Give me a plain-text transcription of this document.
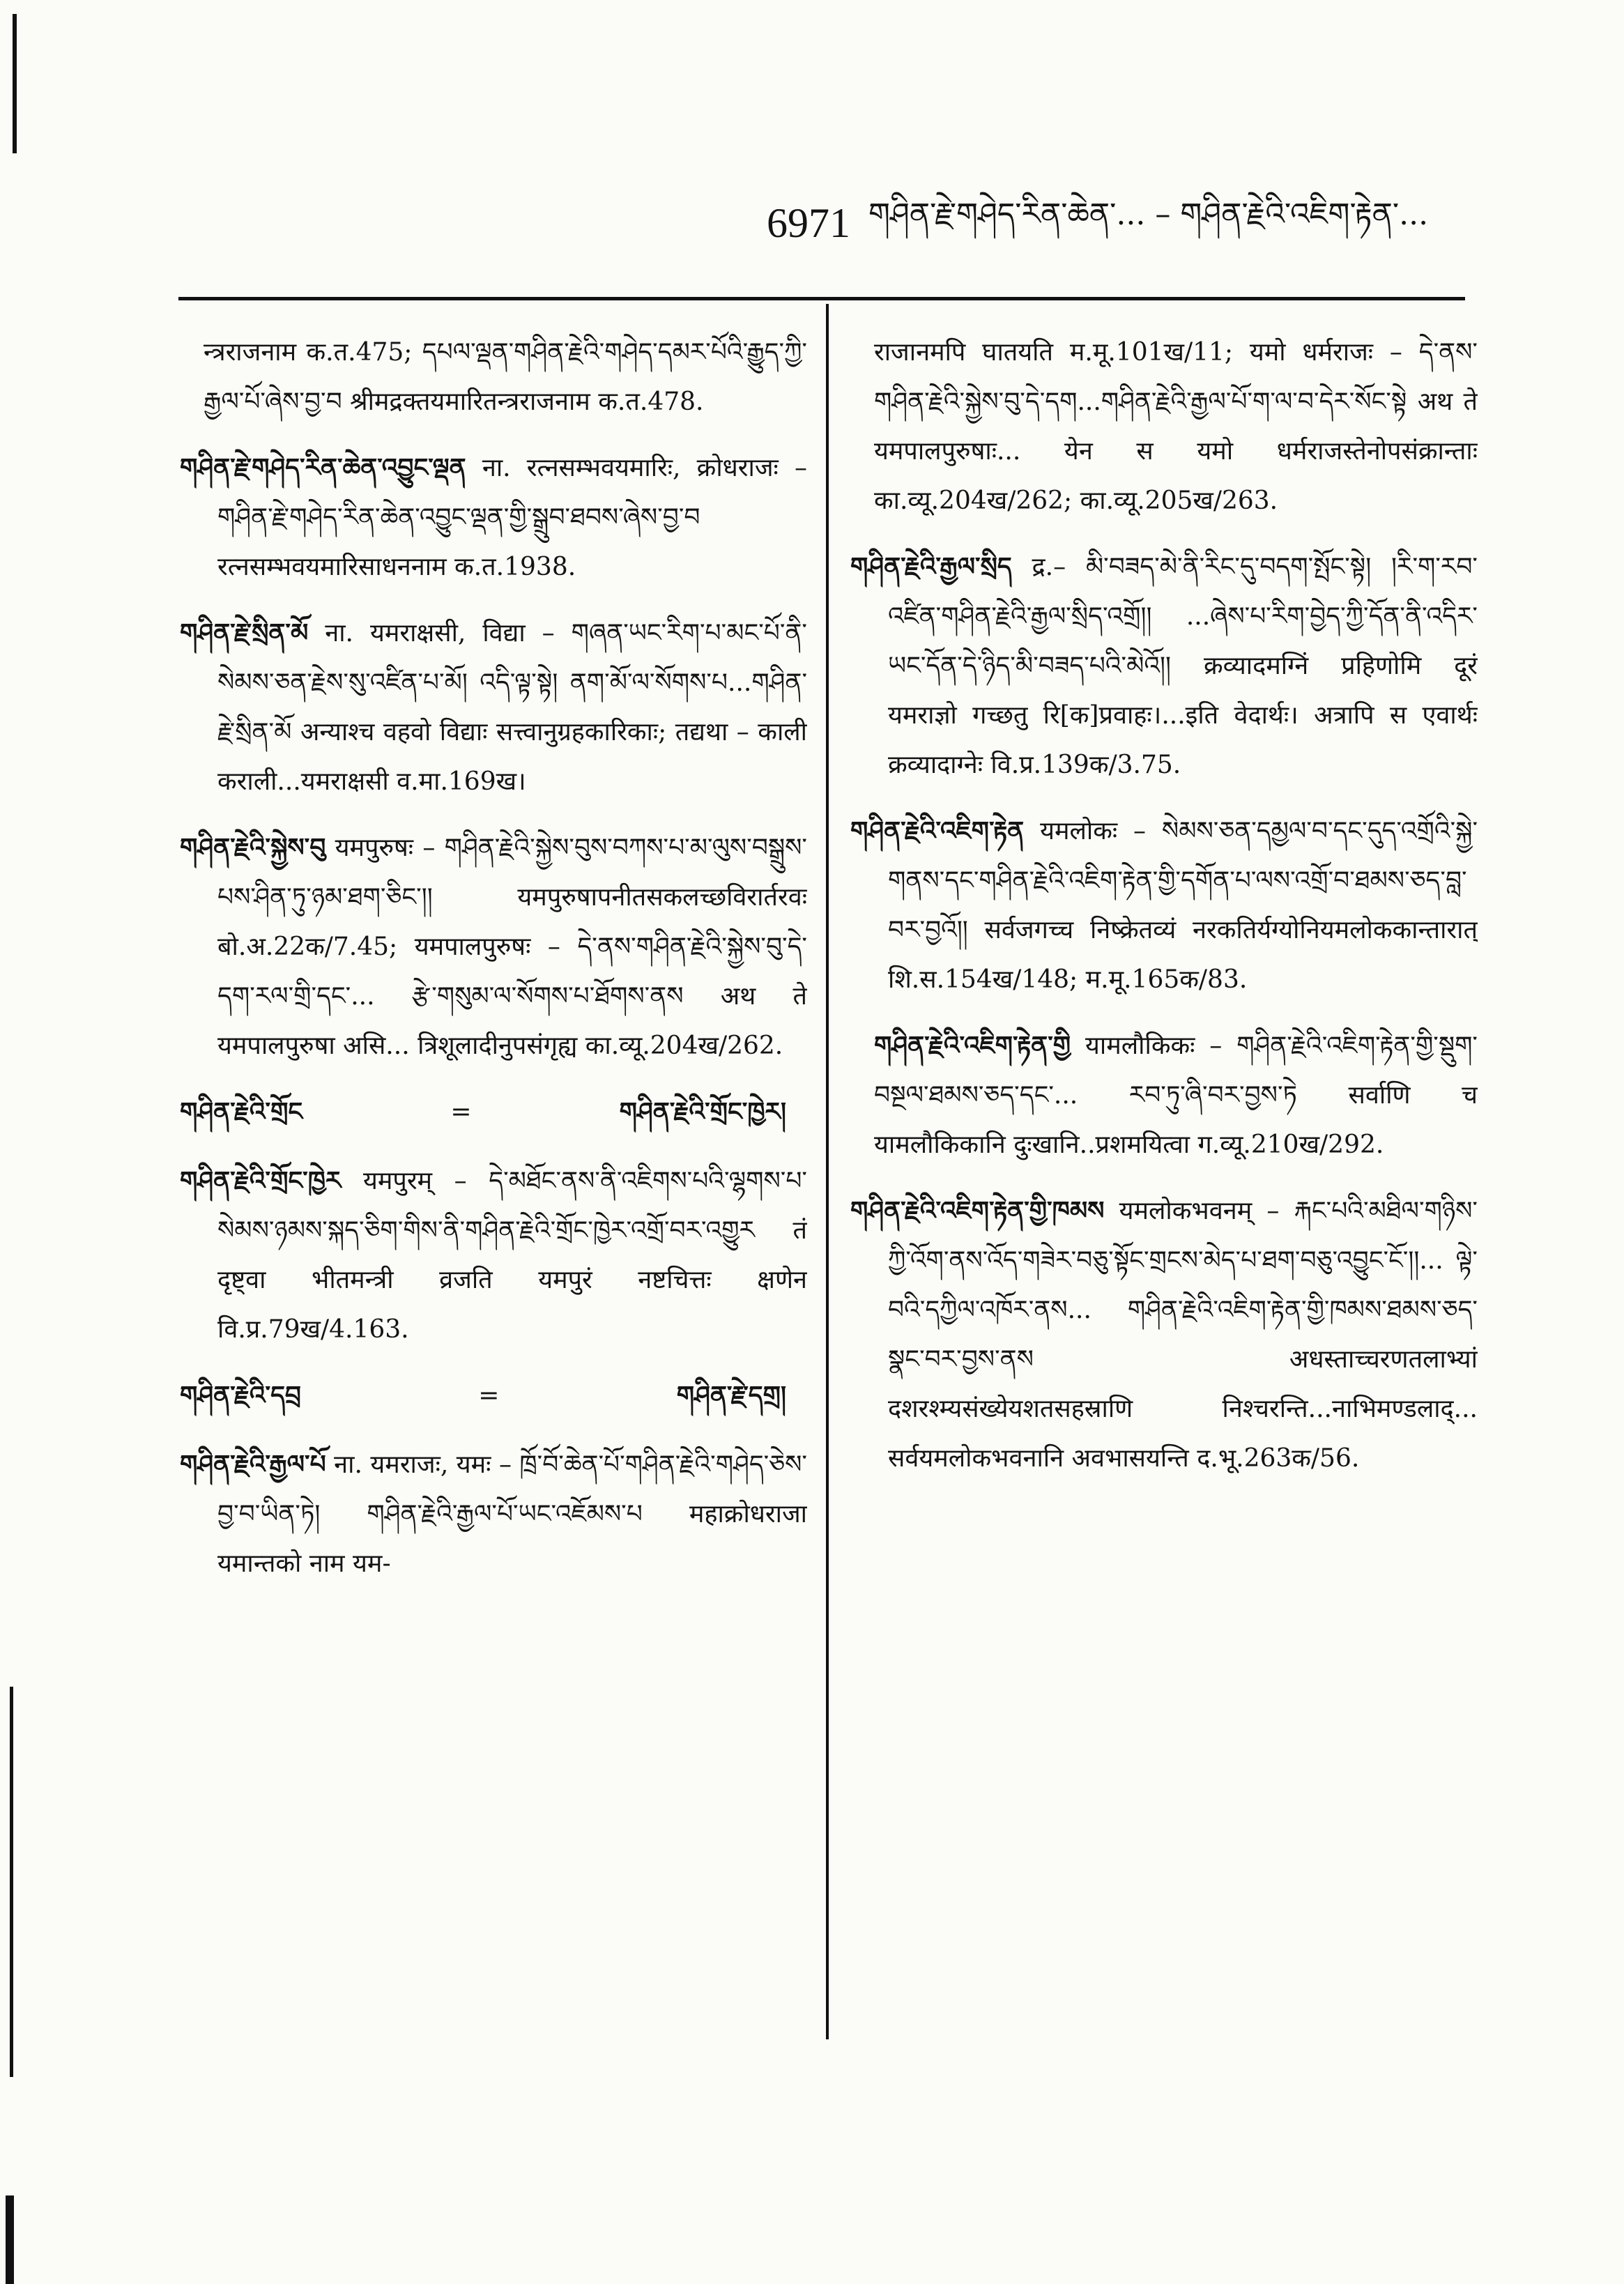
6971 གཤིན་རྗེ་གཤེད་རིན་ཆེན་... – གཤིན་རྗེའི་འཇིག་རྟེན་...

न्त्रराजनाम क.त.475; དཔལ་ལྡན་གཤིན་རྗེའི་གཤེད་དམར་པོའི་རྒྱུད་ཀྱི་རྒྱལ་པོ་ཞེས་བྱ་བ श्रीमद्रक्तयमारितन्त्रराजनाम क.त.478.

གཤིན་རྗེ་གཤེད་རིན་ཆེན་འབྱུང་ལྡན ना. रत्नसम्भवयमारिः, क्रोधराजः – གཤིན་རྗེ་གཤེད་རིན་ཆེན་འབྱུང་ལྡན་གྱི་སྒྲུབ་ཐབས་ཞེས་བྱ་བ रत्नसम्भवयमारिसाधननाम क.त.1938.

གཤིན་རྗེ་སྲིན་མོ ना. यमराक्षसी, विद्या – གཞན་ཡང་རིག་པ་མང་པོ་ནི་སེམས་ཅན་རྗེས་སུ་འཛིན་པ་མོ། འདི་ལྟ་སྟེ། ནག་མོ་ལ་སོགས་པ...གཤིན་རྗེ་སྲིན་མོ अन्याश्च वहवो विद्याः सत्त्वानुग्रहकारिकाः; तद्यथा – काली कराली...यमराक्षसी व.मा.169ख।

གཤིན་རྗེའི་སྐྱེས་བུ यमपुरुषः – གཤིན་རྗེའི་སྐྱེས་བུས་བཀས་པ་མ་ལུས་བསྒྲུས་པས་ཤིན་ཏུ་ཉམ་ཐག་ཅིང་།། यमपुरुषापनीतसकलच्छविरार्तरवः बो.अ.22क/7.45; यमपालपुरुषः – དེ་ནས་གཤིན་རྗེའི་སྐྱེས་བུ་དེ་དག་རལ་གྲི་དང་... རྩེ་གསུམ་ལ་སོགས་པ་ཐོགས་ནས अथ ते यमपालपुरुषा असि... त्रिशूलादीनुपसंगृह्य का.व्यू.204ख/262.

གཤིན་རྗེའི་གྲོང	=	གཤིན་རྗེའི་གྲོང་ཁྱེར།

གཤིན་རྗེའི་གྲོང་ཁྱེར यमपुरम् – དེ་མཐོང་ནས་ནི་འཇིགས་པའི་ལྷགས་པ་སེམས་ཉམས་སྐད་ཅིག་གིས་ནི་གཤིན་རྗེའི་གྲོང་ཁྱེར་འགྲོ་བར་འགྱུར तं दृष्ट्वा भीतमन्त्री व्रजति यमपुरं नष्टचित्तः क्षणेन वि.प्र.79ख/4.163.

གཤིན་རྗེའི་དབྲ	=	གཤིན་རྗེ་དགྲ།

གཤིན་རྗེའི་རྒྱལ་པོ ना. यमराजः, यमः – ཁྲོ་བོ་ཆེན་པོ་གཤིན་རྗེའི་གཤེད་ཅེས་བྱ་བ་ཡིན་ཏེ། གཤིན་རྗེའི་རྒྱལ་པོ་ཡང་འཇོམས་པ महाक्रोधराजा यमान्तको नाम यम-

राजानमपि घातयति म.मू.101ख/11; यमो धर्मराजः – དེ་ནས་གཤིན་རྗེའི་སྐྱེས་བུ་དེ་དག...གཤིན་རྗེའི་རྒྱལ་པོ་ག་ལ་བ་དེར་སོང་སྟེ अथ ते यमपालपुरुषाः... येन स यमो धर्मराजस्तेनोपसंक्रान्ताः का.व्यू.204ख/262; का.व्यू.205ख/263.

གཤིན་རྗེའི་རྒྱལ་སྲིད द्र.– མི་བཟད་མེ་ནི་རིང་དུ་བདག་སྤོང་སྟེ། །རི་ག་རབ་འཛིན་གཤིན་རྗེའི་རྒྱལ་སྲིད་འགྲོ།། ...ཞེས་པ་རིག་བྱེད་ཀྱི་དོན་ནི་འདིར་ཡང་དོན་དེ་ཉིད་མི་བཟད་པའི་མེའོ།། क्रव्यादमग्निं प्रहिणोमि दूरं यमराज्ञो गच्छतु रि[क]प्रवाहः।...इति वेदार्थः। अत्रापि स एवार्थः क्रव्यादाग्नेः वि.प्र.139क/3.75.

གཤིན་རྗེའི་འཇིག་རྟེན यमलोकः – སེམས་ཅན་དམྱལ་བ་དང་དུད་འགྲོའི་སྐྱེ་གནས་དང་གཤིན་རྗེའི་འཇིག་རྟེན་གྱི་དགོན་པ་ལས་འགྲོ་བ་ཐམས་ཅད་བླ་བར་བྱའོ།། सर्वजगच्च निष्क्रेतव्यं नरकतिर्यग्योनियमलोककान्तारात् शि.स.154ख/148; म.मू.165क/83.

གཤིན་རྗེའི་འཇིག་རྟེན་གྱི यामलौकिकः – གཤིན་རྗེའི་འཇིག་རྟེན་གྱི་སྡུག་བསྔལ་ཐམས་ཅད་དང་... རབ་ཏུ་ཞི་བར་བྱས་ཏེ सर्वाणि च यामलौकिकानि दुःखानि..प्रशमयित्वा ग.व्यू.210ख/292.

གཤིན་རྗེའི་འཇིག་རྟེན་གྱི་ཁམས यमलोकभवनम् – རྐང་པའི་མཐིལ་གཉིས་ཀྱི་འོག་ནས་འོད་གཟེར་བཅུ་སྟོང་གྲངས་མེད་པ་ཐག་བཅུ་འབྱུང་ངོ་།།... ལྟེ་བའི་དཀྱིལ་འཁོར་ནས... གཤིན་རྗེའི་འཇིག་རྟེན་གྱི་ཁམས་ཐམས་ཅད་སྣང་བར་བྱས་ནས अधस्ताच्चरणतलाभ्यां दशरश्म्यसंख्येयशतसहस्राणि निश्चरन्ति...नाभिमण्डलाद्... सर्वयमलोकभवनानि अवभासयन्ति द.भू.263क/56.
